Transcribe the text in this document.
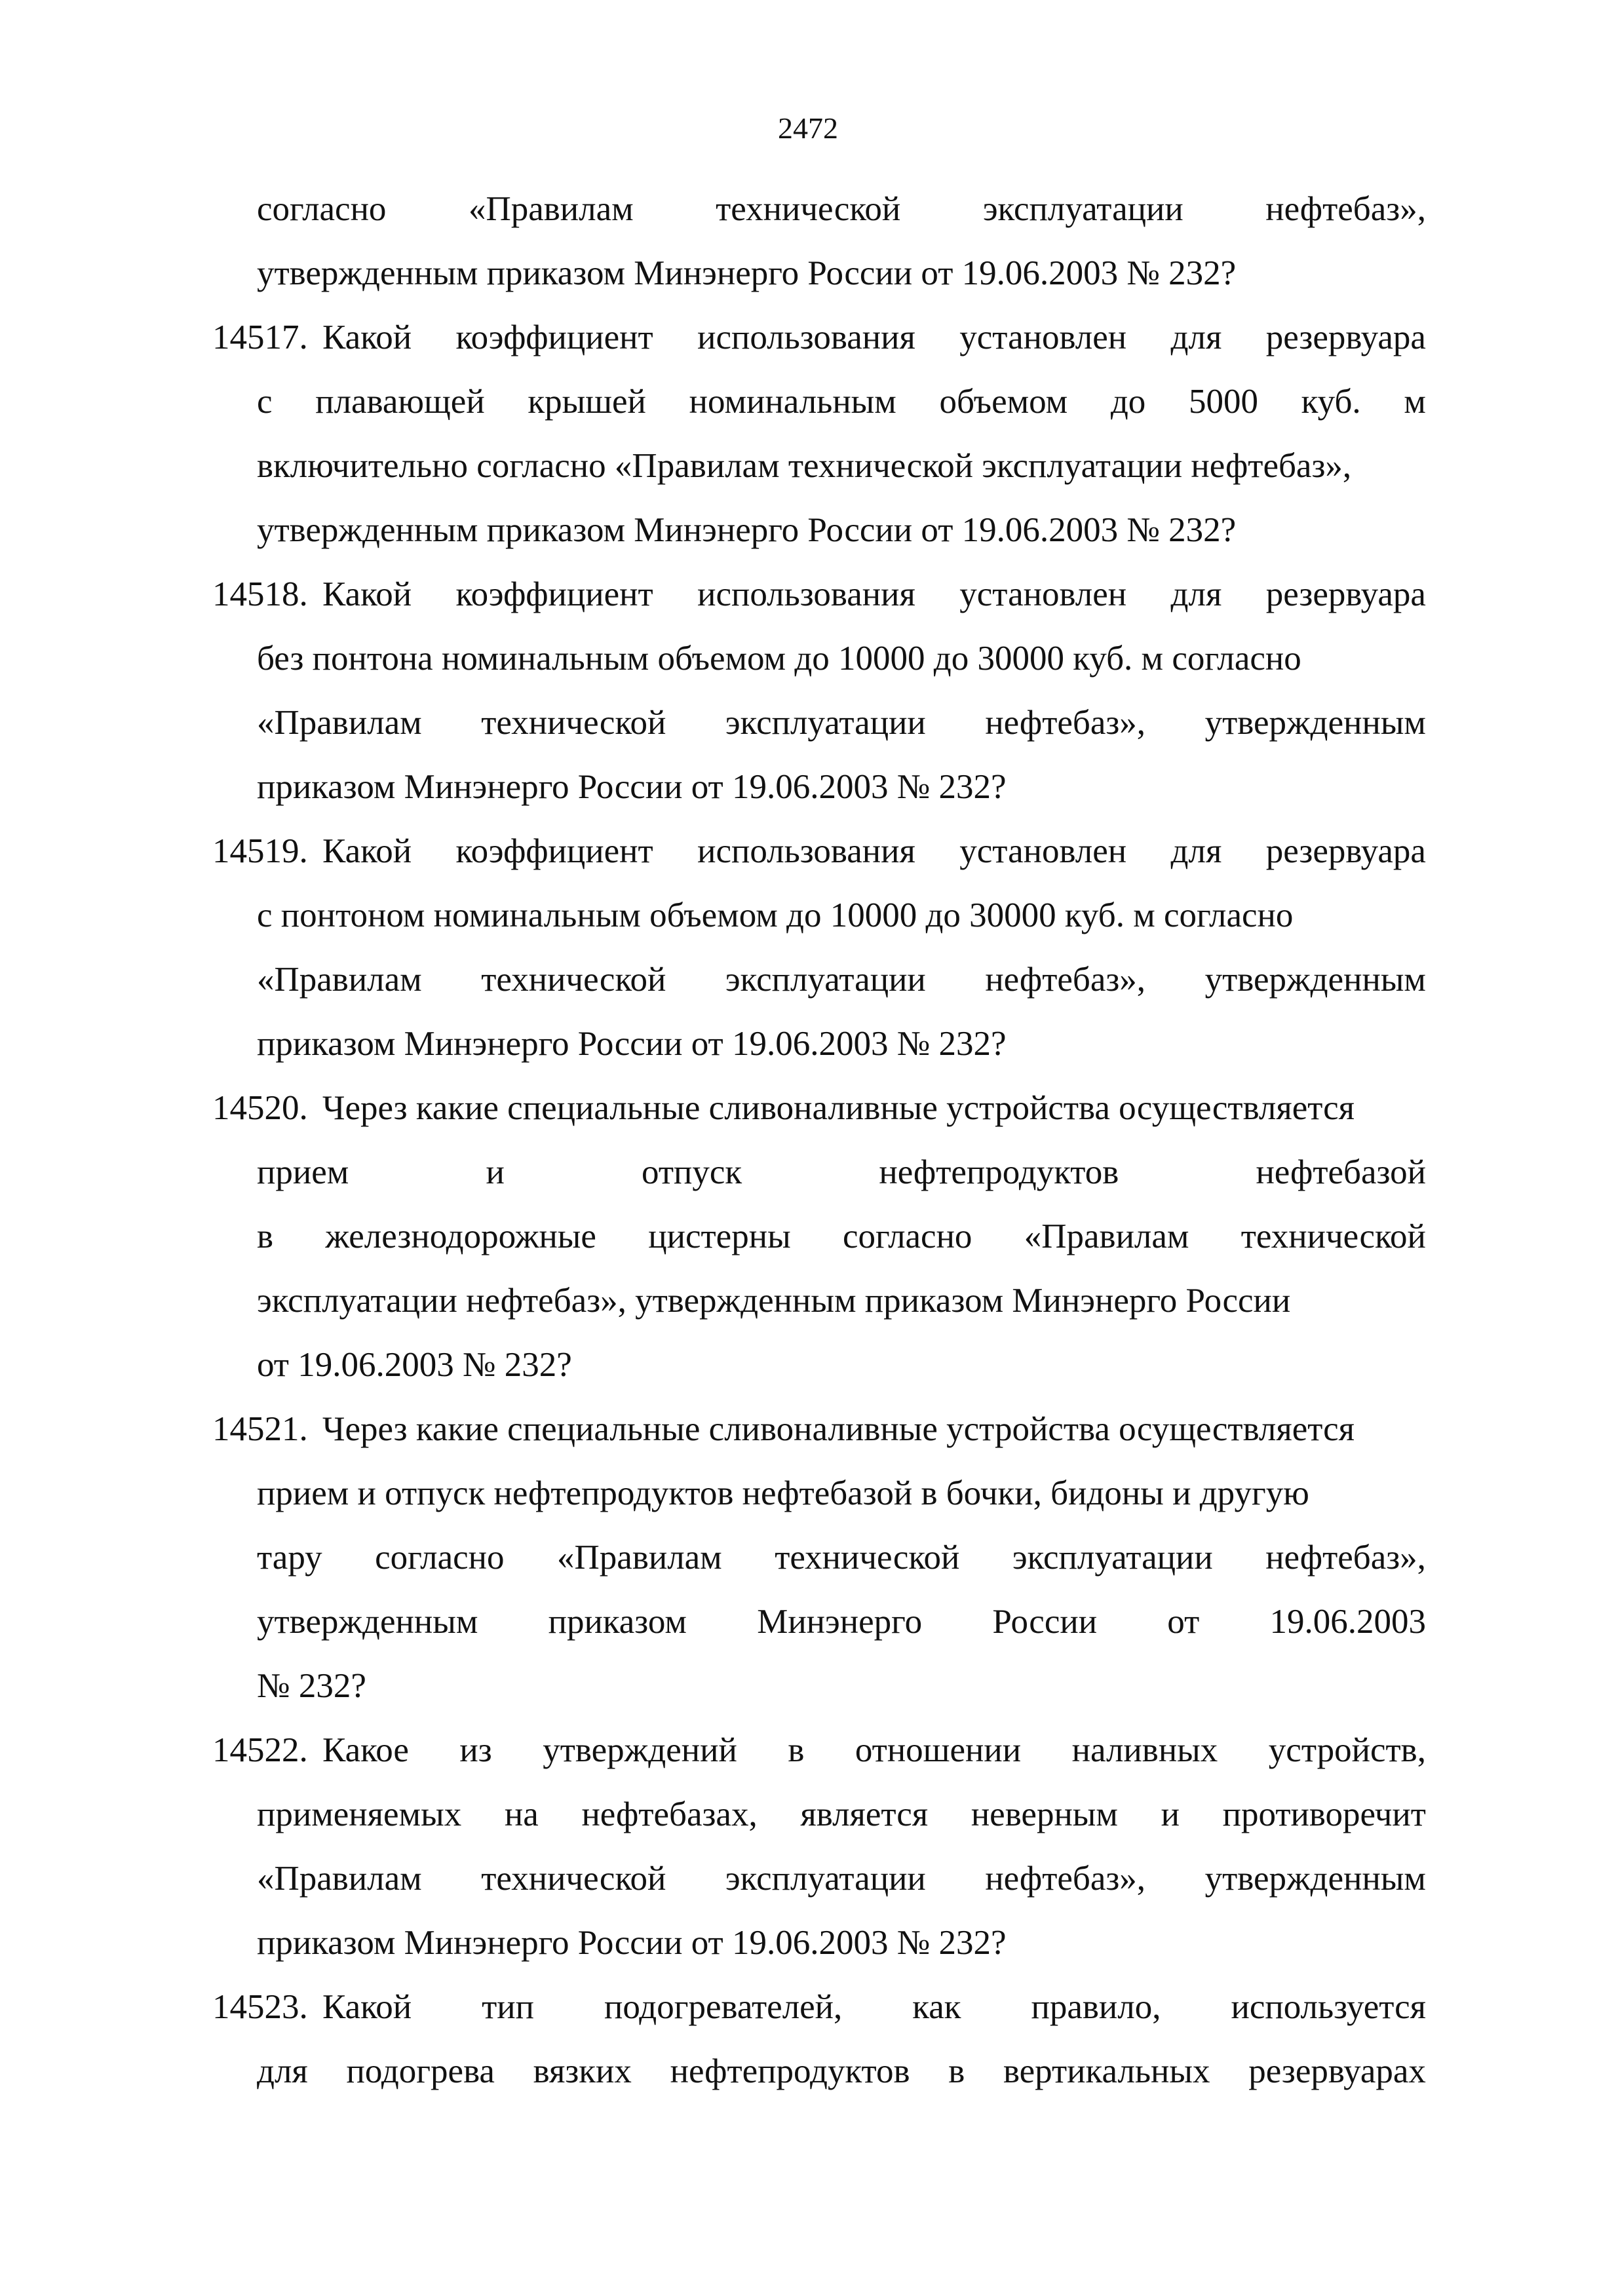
2472
согласно «Правилам технической эксплуатации нефтебаз»,
утвержденным приказом Минэнерго России от 19.06.2003 № 232?
14517. Какой коэффициент использования установлен для резервуара
с плавающей крышей номинальным объемом до 5000 куб. м
включительно согласно «Правилам технической эксплуатации нефтебаз»,
утвержденным приказом Минэнерго России от 19.06.2003 № 232?
14518. Какой коэффициент использования установлен для резервуара
без понтона номинальным объемом до 10000 до 30000 куб. м согласно
«Правилам технической эксплуатации нефтебаз», утвержденным
приказом Минэнерго России от 19.06.2003 № 232?
14519. Какой коэффициент использования установлен для резервуара
с понтоном номинальным объемом до 10000 до 30000 куб. м согласно
«Правилам технической эксплуатации нефтебаз», утвержденным
приказом Минэнерго России от 19.06.2003 № 232?
14520. Через какие специальные сливоналивные устройства осуществляется
прием	и	отпуск	нефтепродуктов	нефтебазой
в железнодорожные цистерны согласно «Правилам технической
эксплуатации нефтебаз», утвержденным приказом Минэнерго России
от 19.06.2003 № 232?
14521. Через какие специальные сливоналивные устройства осуществляется
прием и отпуск нефтепродуктов нефтебазой в бочки, бидоны и другую
тару согласно «Правилам технической эксплуатации нефтебаз»,
утвержденным приказом Минэнерго России от 19.06.2003
№ 232?
14522. Какое из утверждений в отношении наливных устройств,
применяемых на нефтебазах, является неверным и противоречит
«Правилам технической эксплуатации нефтебаз», утвержденным
приказом Минэнерго России от 19.06.2003 № 232?
14523. Какой тип подогревателей, как правило, используется
для подогрева вязких нефтепродуктов в вертикальных резервуарах
